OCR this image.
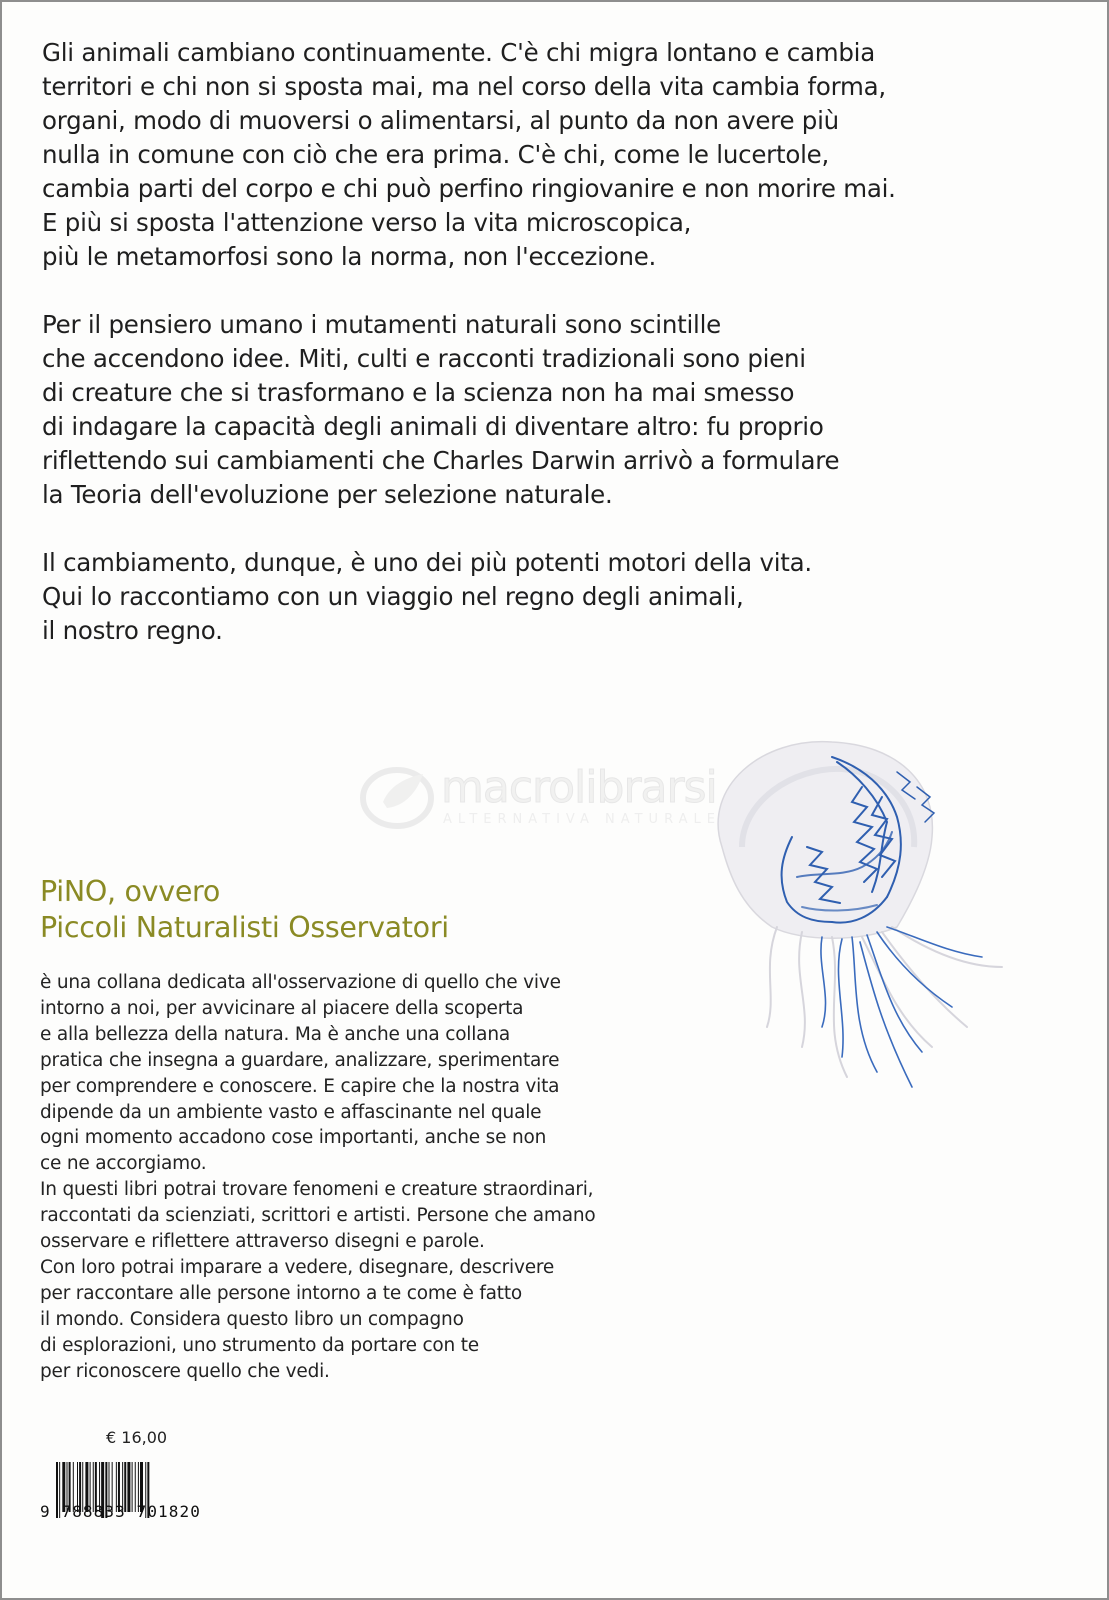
Gli animali cambiano continuamente. C'è chi migra lontano e cambia
territori e chi non si sposta mai, ma nel corso della vita cambia forma,
organi, modo di muoversi o alimentarsi, al punto da non avere più
nulla in comune con ciò che era prima. C'è chi, come le lucertole,
cambia parti del corpo e chi può perfino ringiovanire e non morire mai.
E più si sposta l'attenzione verso la vita microscopica,
più le metamorfosi sono la norma, non l'eccezione.

Per il pensiero umano i mutamenti naturali sono scintille
che accendono idee. Miti, culti e racconti tradizionali sono pieni
di creature che si trasformano e la scienza non ha mai smesso
di indagare la capacità degli animali di diventare altro: fu proprio
riflettendo sui cambiamenti che Charles Darwin arrivò a formulare
la Teoria dell'evoluzione per selezione naturale.

Il cambiamento, dunque, è uno dei più potenti motori della vita.
Qui lo raccontiamo con un viaggio nel regno degli animali,
il nostro regno.

macrolibrarsi
ALTERNATIVA NATURALE
PiNO, ovvero
Piccoli Naturalisti Osservatori
è una collana dedicata all'osservazione di quello che vive
intorno a noi, per avvicinare al piacere della scoperta
e alla bellezza della natura. Ma è anche una collana
pratica che insegna a guardare, analizzare, sperimentare
per comprendere e conoscere. E capire che la nostra vita
dipende da un ambiente vasto e affascinante nel quale
ogni momento accadono cose importanti, anche se non
ce ne accorgiamo.
In questi libri potrai trovare fenomeni e creature straordinari,
raccontati da scienziati, scrittori e artisti. Persone che amano
osservare e riflettere attraverso disegni e parole.
Con loro potrai imparare a vedere, disegnare, descrivere
per raccontare alle persone intorno a te come è fatto
il mondo. Considera questo libro un compagno
di esplorazioni, uno strumento da portare con te
per riconoscere quello che vedi.
€ 16,00
9 788833 701820
